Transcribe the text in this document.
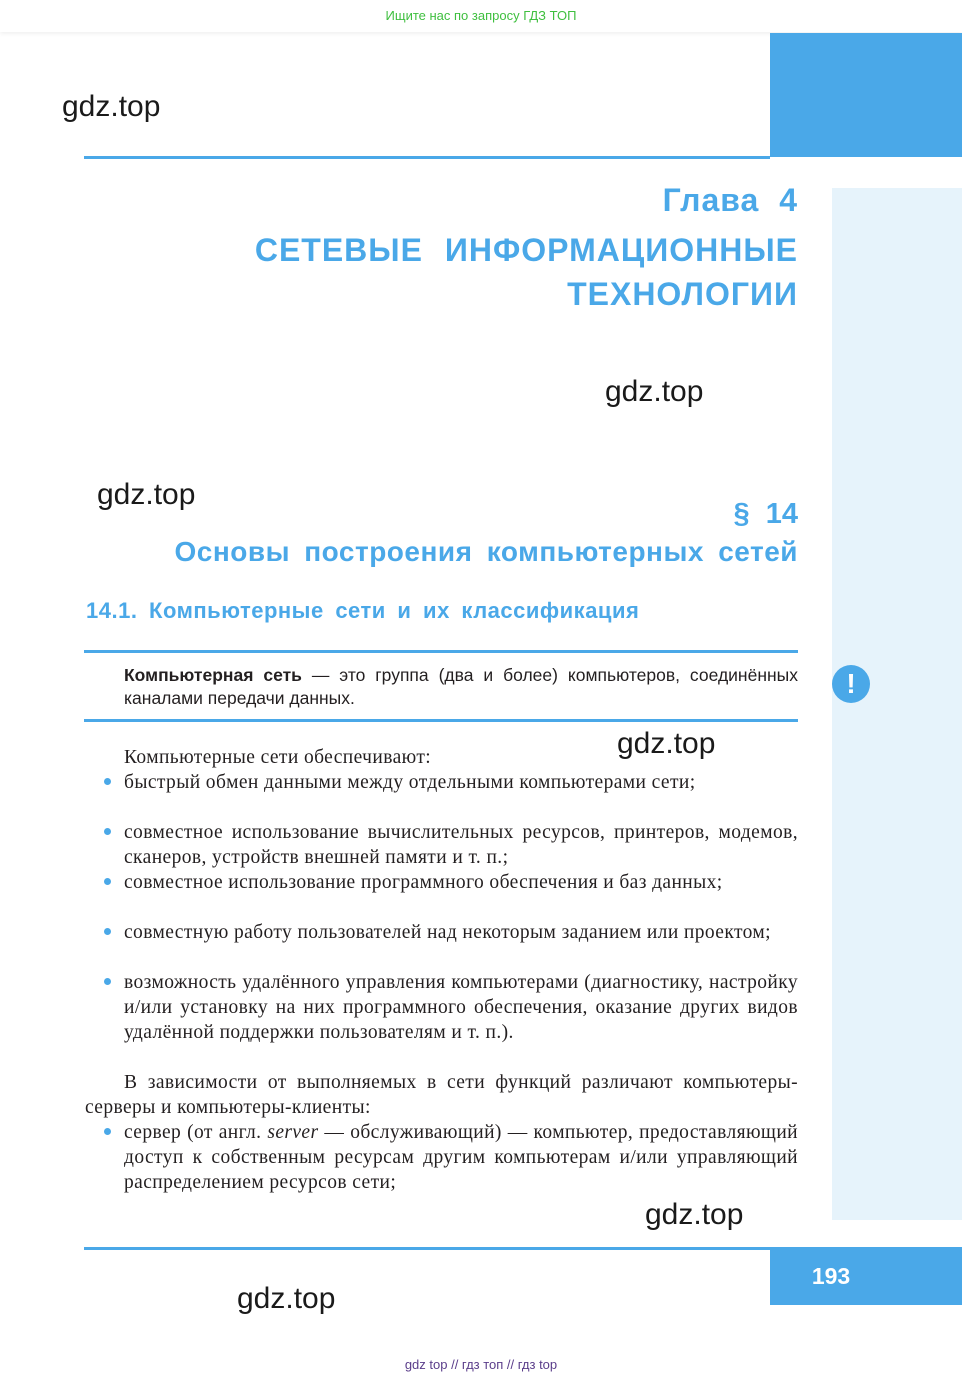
Ищите нас по запросу ГДЗ ТОП
gdz.top
Глава 4
СЕТЕВЫЕ ИНФОРМАЦИОННЫЕ
ТЕХНОЛОГИИ
gdz.top
gdz.top
§ 14
Основы построения компьютерных сетей
14.1. Компьютерные сети и их классификация
Компьютерная сеть — это группа (два и более) компьютеров, соединённых каналами передачи данных.	!
Компьютерные сети обеспечивают:	gdz.top
быстрый обмен данными между отдельными компьютерами сети;
совместное использование вычислительных ресурсов, принтеров, модемов, сканеров, устройств внешней памяти и т. п.;
совместное использование программного обеспечения и баз данных;
совместную работу пользователей над некоторым заданием или проектом;
возможность удалённого управления компьютерами (диагностику, настройку и/или установку на них программного обеспечения, оказание других видов удалённой поддержки пользователям и т. п.).
В зависимости от выполняемых в сети функций различают компьютеры-серверы и компьютеры-клиенты:
сервер (от англ. server — обслуживающий) — компьютер, предоставляющий доступ к собственным ресурсам другим компьютерам и/или управляющий распределением ресурсов сети;
gdz.top
193
gdz.top
gdz top // гдз топ // гдз top
